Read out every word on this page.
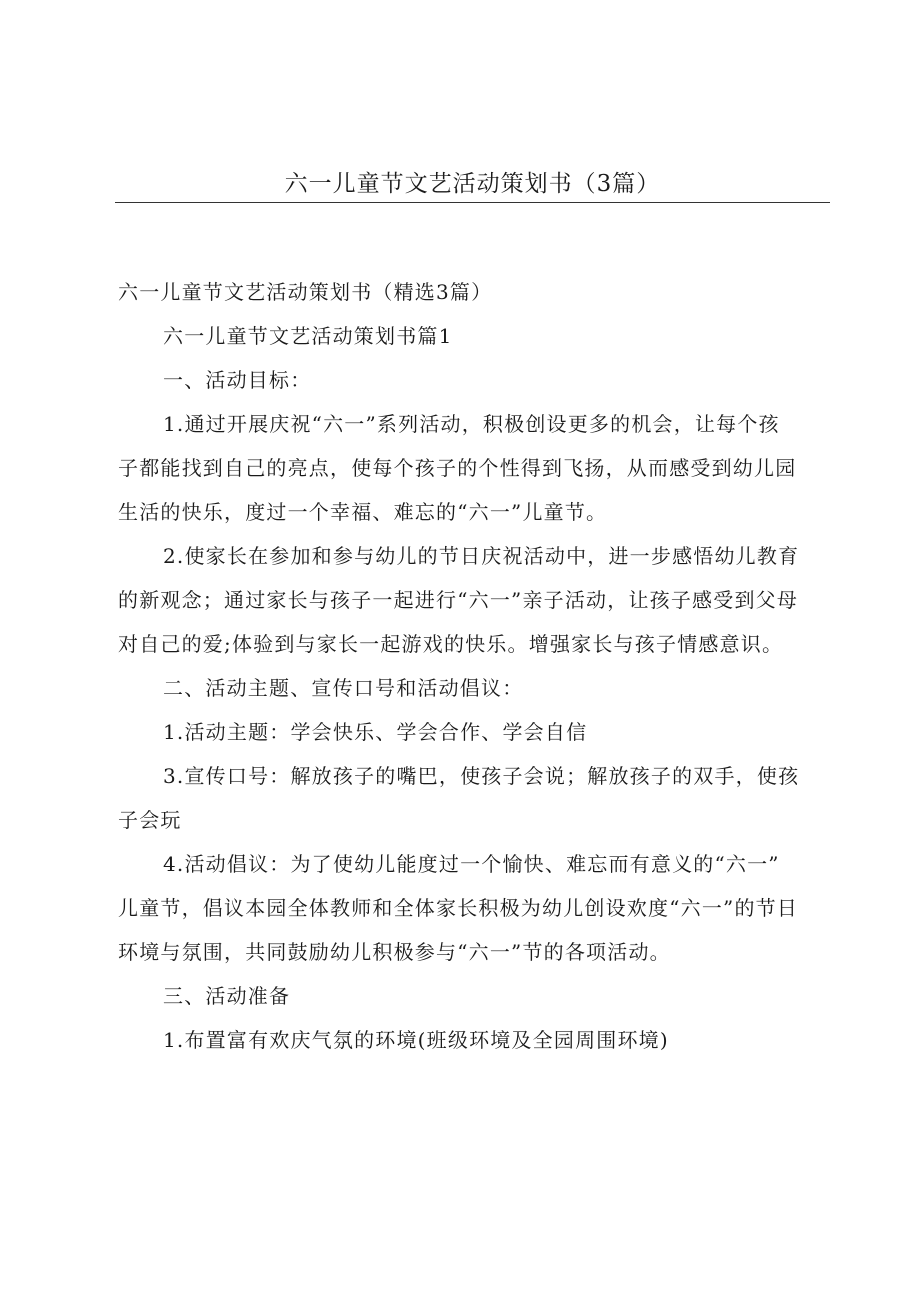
六一儿童节文艺活动策划书（3篇）

六一儿童节文艺活动策划书（精选3篇）

六一儿童节文艺活动策划书篇1

一、活动目标：

1.通过开展庆祝“六一”系列活动，积极创设更多的机会，让每个孩

子都能找到自己的亮点，使每个孩子的个性得到飞扬，从而感受到幼儿园

生活的快乐，度过一个幸福、难忘的“六一”儿童节。

2.使家长在参加和参与幼儿的节日庆祝活动中，进一步感悟幼儿教育

的新观念；通过家长与孩子一起进行“六一”亲子活动，让孩子感受到父母

对自己的爱;体验到与家长一起游戏的快乐。增强家长与孩子情感意识。

二、活动主题、宣传口号和活动倡议：

1.活动主题：学会快乐、学会合作、学会自信

3.宣传口号：解放孩子的嘴巴，使孩子会说；解放孩子的双手，使孩

子会玩

4.活动倡议：为了使幼儿能度过一个愉快、难忘而有意义的“六一”

儿童节，倡议本园全体教师和全体家长积极为幼儿创设欢度“六一”的节日

环境与氛围，共同鼓励幼儿积极参与“六一”节的各项活动。

三、活动准备

1.布置富有欢庆气氛的环境(班级环境及全园周围环境)
